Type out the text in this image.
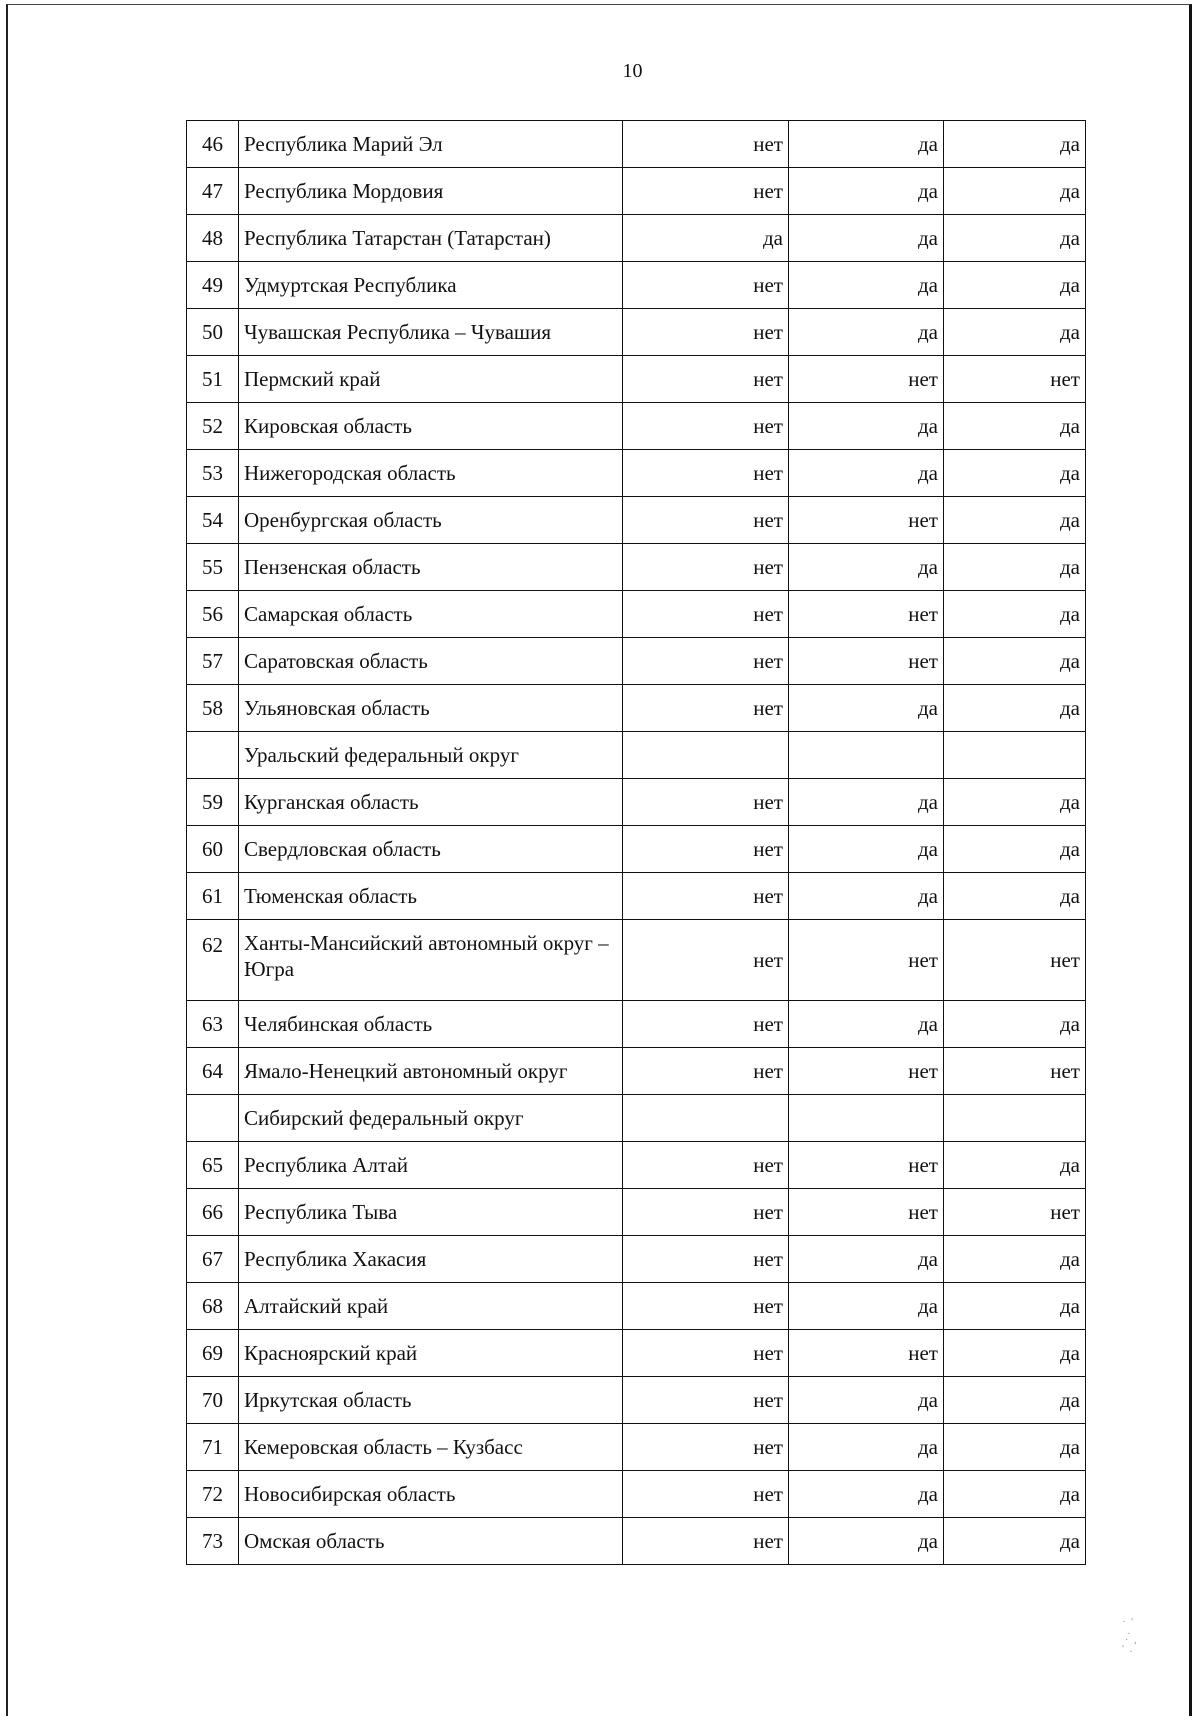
10
46	Республика Марий Эл	нет	да	да
47	Республика Мордовия	нет	да	да
48	Республика Татарстан (Татарстан)	да	да	да
49	Удмуртская Республика	нет	да	да
50	Чувашская Республика – Чувашия	нет	да	да
51	Пермский край	нет	нет	нет
52	Кировская область	нет	да	да
53	Нижегородская область	нет	да	да
54	Оренбургская область	нет	нет	да
55	Пензенская область	нет	да	да
56	Самарская область	нет	нет	да
57	Саратовская область	нет	нет	да
58	Ульяновская область	нет	да	да
	Уральский федеральный округ			
59	Курганская область	нет	да	да
60	Свердловская область	нет	да	да
61	Тюменская область	нет	да	да
62	Ханты-Мансийский автономный округ – Югра	нет	нет	нет
63	Челябинская область	нет	да	да
64	Ямало-Ненецкий автономный округ	нет	нет	нет
	Сибирский федеральный округ			
65	Республика Алтай	нет	нет	да
66	Республика Тыва	нет	нет	нет
67	Республика Хакасия	нет	да	да
68	Алтайский край	нет	да	да
69	Красноярский край	нет	нет	да
70	Иркутская область	нет	да	да
71	Кемеровская область – Кузбасс	нет	да	да
72	Новосибирская область	нет	да	да
73	Омская область	нет	да	да
·  '
.
·  ,
'  .
